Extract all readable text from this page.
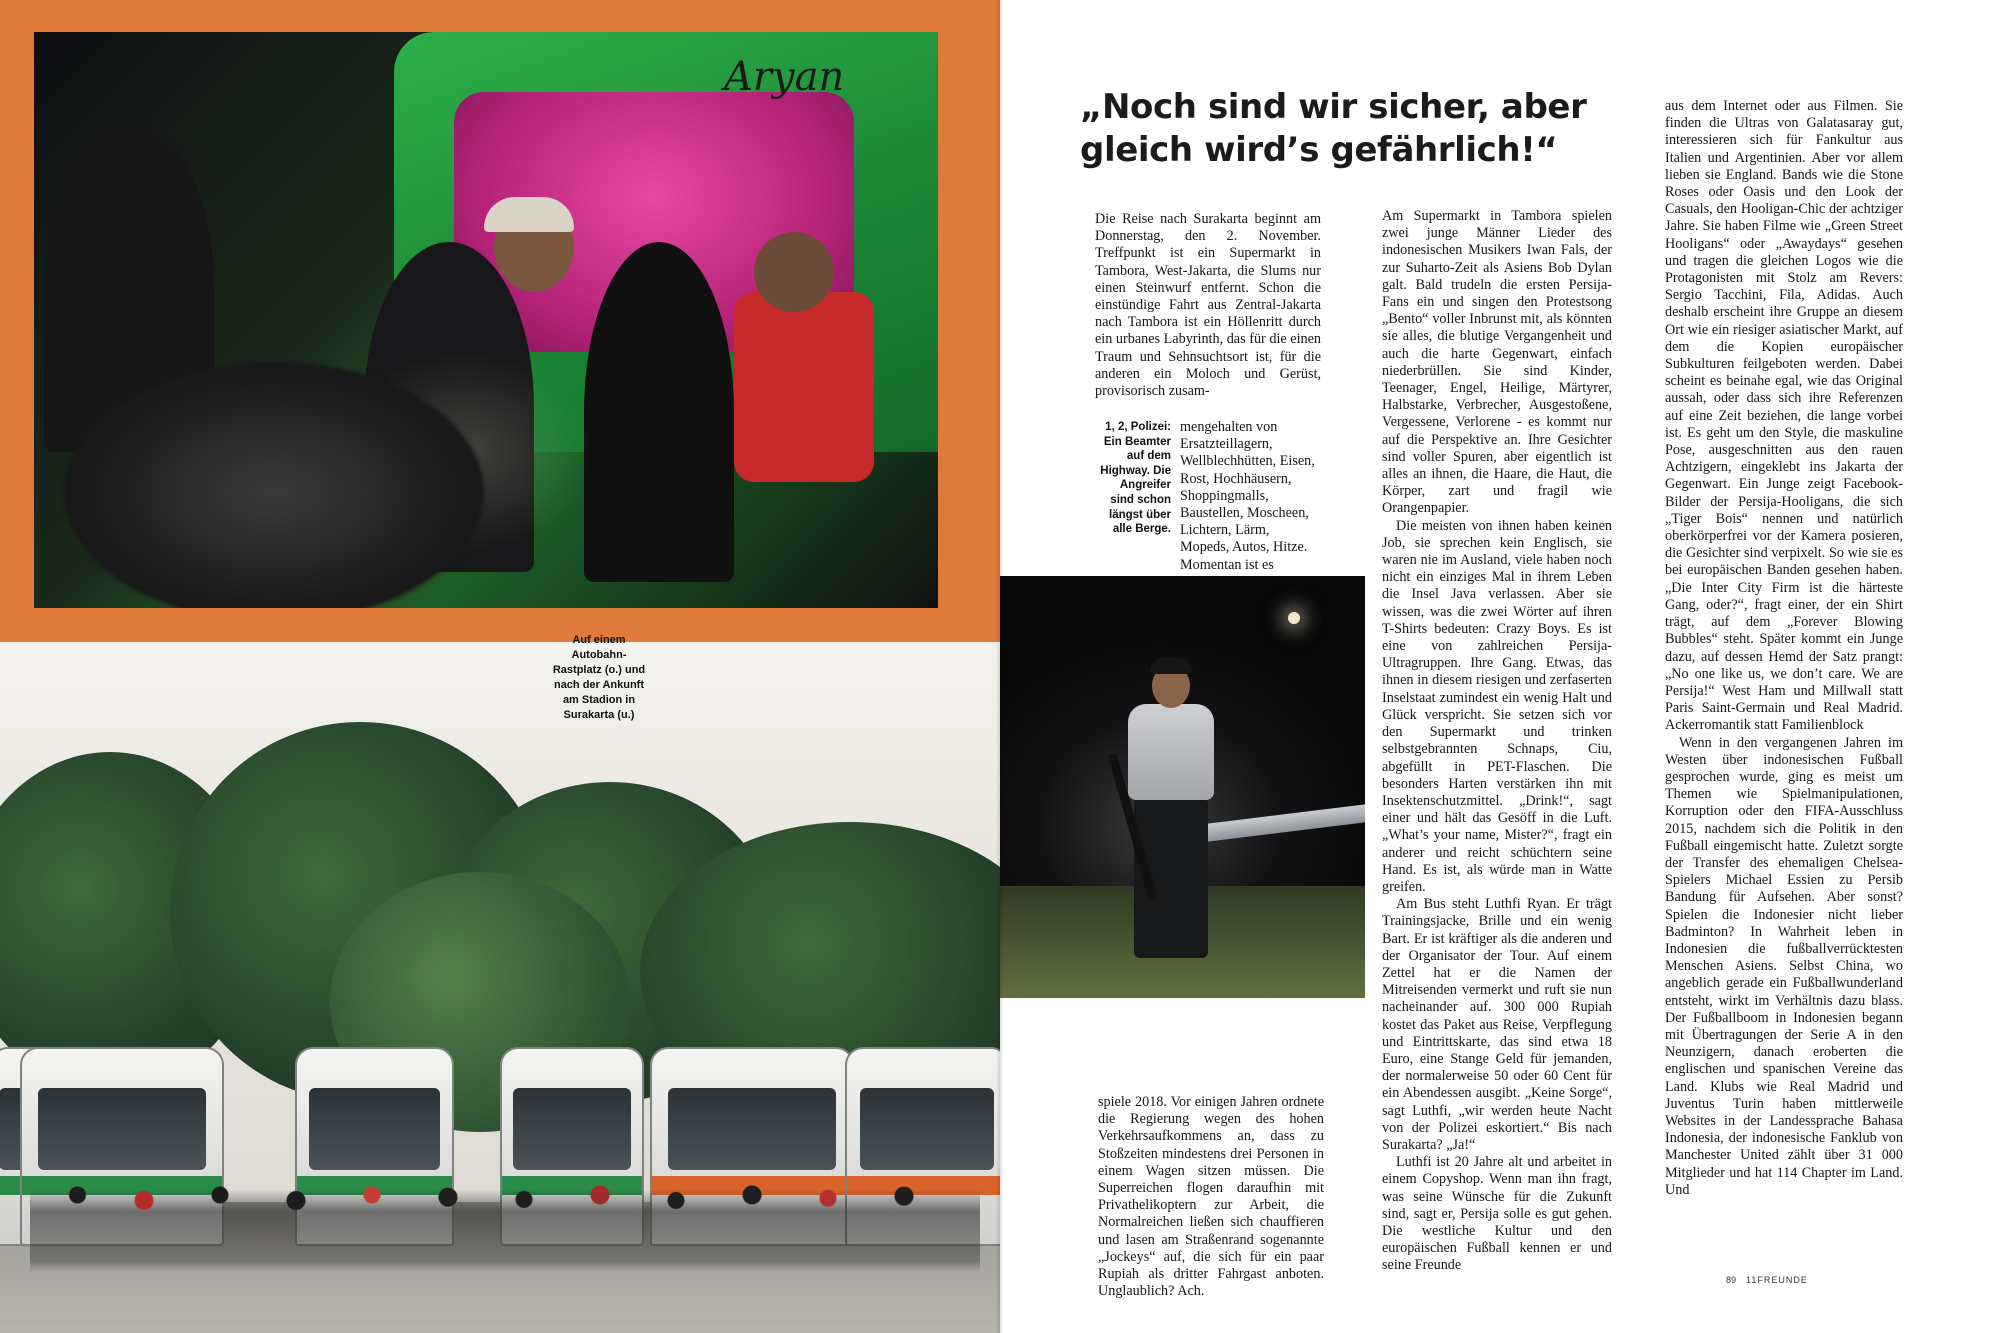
Aryan
Auf einem Autobahn-Rastplatz (o.) und nach der Ankunft am Stadion in Surakarta (u.)
„Noch sind wir sicher, aber gleich wird’s gefährlich!“

Die Reise nach Surakarta beginnt am Donnerstag, den 2. November. Treffpunkt ist ein Supermarkt in Tambora, West-Jakarta, die Slums nur einen Steinwurf entfernt. Schon die einstündige Fahrt aus Zentral-Jakarta nach Tambora ist ein Höllenritt durch ein urbanes Labyrinth, das für die einen Traum und Sehnsuchtsort ist, für die anderen ein Moloch und Gerüst, provisorisch zusam-

1, 2, Polizei: Ein Beamter auf dem Highway. Die Angreifer sind schon längst über alle Berge.

mengehalten von Ersatzteillagern, Wellblechhütten, Eisen, Rost, Hochhäusern, Shoppingmalls, Baustellen, Moscheen, Lichtern, Lärm, Mopeds, Autos, Hitze. Momentan ist es

spiele 2018. Vor einigen Jahren ordnete die Regierung wegen des hohen Verkehrsaufkommens an, dass zu Stoßzeiten mindestens drei Personen in einem Wagen sitzen müssen. Die Superreichen flogen daraufhin mit Privathelikoptern zur Arbeit, die Normalreichen ließen sich chauffieren und lasen am Straßenrand sogenannte „Jockeys“ auf, die sich für ein paar Rupiah als dritter Fahrgast anboten. Unglaublich? Ach.

Am Supermarkt in Tambora spielen zwei junge Männer Lieder des indonesischen Musikers Iwan Fals, der zur Suharto-Zeit als Asiens Bob Dylan galt. Bald trudeln die ersten Persija-Fans ein und singen den Protestsong „Bento“ voller Inbrunst mit, als könnten sie alles, die blutige Vergangenheit und auch die harte Gegenwart, einfach niederbrüllen. Sie sind Kinder, Teenager, Engel, Heilige, Märtyrer, Halbstarke, Verbrecher, Ausgestoßene, Vergessene, Verlorene - es kommt nur auf die Perspektive an. Ihre Gesichter sind voller Spuren, aber eigentlich ist alles an ihnen, die Haare, die Haut, die Körper, zart und fragil wie Orangenpapier.

Die meisten von ihnen haben keinen Job, sie sprechen kein Englisch, sie waren nie im Ausland, viele haben noch nicht ein einziges Mal in ihrem Leben die Insel Java verlassen. Aber sie wissen, was die zwei Wörter auf ihren T-Shirts bedeuten: Crazy Boys. Es ist eine von zahlreichen Persija-Ultragruppen. Ihre Gang. Etwas, das ihnen in diesem riesigen und zerfaserten Inselstaat zumindest ein wenig Halt und Glück verspricht. Sie setzen sich vor den Supermarkt und trinken selbstgebrannten Schnaps, Ciu, abgefüllt in PET-Flaschen. Die besonders Harten verstärken ihn mit Insektenschutzmittel. „Drink!“, sagt einer und hält das Gesöff in die Luft. „What’s your name, Mister?“, fragt ein anderer und reicht schüchtern seine Hand. Es ist, als würde man in Watte greifen.

Am Bus steht Luthfi Ryan. Er trägt Trainingsjacke, Brille und ein wenig Bart. Er ist kräftiger als die anderen und der Organisator der Tour. Auf einem Zettel hat er die Namen der Mitreisenden vermerkt und ruft sie nun nacheinander auf. 300 000 Rupiah kostet das Paket aus Reise, Verpflegung und Eintrittskarte, das sind etwa 18 Euro, eine Stange Geld für jemanden, der normalerweise 50 oder 60 Cent für ein Abendessen ausgibt. „Keine Sorge“, sagt Luthfi, „wir werden heute Nacht von der Polizei eskortiert.“ Bis nach Surakarta? „Ja!“

Luthfi ist 20 Jahre alt und arbeitet in einem Copyshop. Wenn man ihn fragt, was seine Wünsche für die Zukunft sind, sagt er, Persija solle es gut gehen. Die westliche Kultur und den europäischen Fußball kennen er und seine Freunde

aus dem Internet oder aus Filmen. Sie finden die Ultras von Galatasaray gut, interessieren sich für Fankultur aus Italien und Argentinien. Aber vor allem lieben sie England. Bands wie die Stone Roses oder Oasis und den Look der Casuals, den Hooligan-Chic der achtziger Jahre. Sie haben Filme wie „Green Street Hooligans“ oder „Awaydays“ gesehen und tragen die gleichen Logos wie die Protagonisten mit Stolz am Revers: Sergio Tacchini, Fila, Adidas. Auch deshalb erscheint ihre Gruppe an diesem Ort wie ein riesiger asiatischer Markt, auf dem die Kopien europäischer Subkulturen feilgeboten werden. Dabei scheint es beinahe egal, wie das Original aussah, oder dass sich ihre Referenzen auf eine Zeit beziehen, die lange vorbei ist. Es geht um den Style, die maskuline Pose, ausgeschnitten aus den rauen Achtzigern, eingeklebt ins Jakarta der Gegenwart. Ein Junge zeigt Facebook-Bilder der Persija-Hooligans, die sich „Tiger Bois“ nennen und natürlich oberkörperfrei vor der Kamera posieren, die Gesichter sind verpixelt. So wie sie es bei europäischen Banden gesehen haben. „Die Inter City Firm ist die härteste Gang, oder?“, fragt einer, der ein Shirt trägt, auf dem „Forever Blowing Bubbles“ steht. Später kommt ein Junge dazu, auf dessen Hemd der Satz prangt: „No one like us, we don’t care. We are Persija!“ West Ham und Millwall statt Paris Saint-Germain und Real Madrid. Ackerromantik statt Familienblock

Wenn in den vergangenen Jahren im Westen über indonesischen Fußball gesprochen wurde, ging es meist um Themen wie Spielmanipulationen, Korruption oder den FIFA-Ausschluss 2015, nachdem sich die Politik in den Fußball eingemischt hatte. Zuletzt sorgte der Transfer des ehemaligen Chelsea-Spielers Michael Essien zu Persib Bandung für Aufsehen. Aber sonst? Spielen die Indonesier nicht lieber Badminton? In Wahrheit leben in Indonesien die fußballverrücktesten Menschen Asiens. Selbst China, wo angeblich gerade ein Fußballwunderland entsteht, wirkt im Verhältnis dazu blass. Der Fußballboom in Indonesien begann mit Übertragungen der Serie A in den Neunzigern, danach eroberten die englischen und spanischen Vereine das Land. Klubs wie Real Madrid und Juventus Turin haben mittlerweile Websites in der Landessprache Bahasa Indonesia, der indonesische Fanklub von Manchester United zählt über 31 000 Mitglieder und hat 114 Chapter im Land. Und

89 11FREUNDE
